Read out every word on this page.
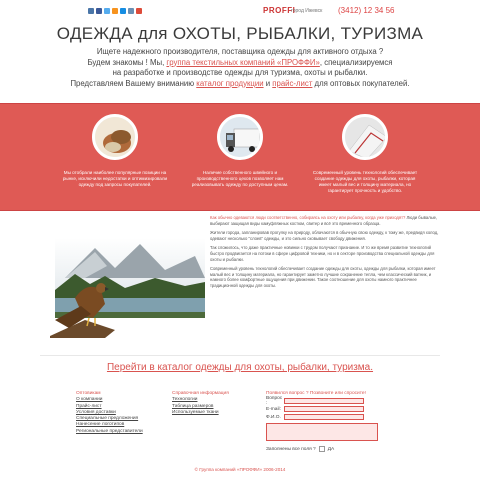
PROFFI
город Ижевск (3412) 12 34 56
ОДЕЖДА для ОХОТЫ, РЫБАЛКИ, ТУРИЗМА
Ищете надежного производителя, поставщика одежды для активного отдыха ?
Будем знакомы ! Мы, группа текстильных компаний «ПРОФФИ», специализируемся
на разработке и производстве одежды для туризма, охоты и рыбалки.
Представляем Вашему вниманию каталог продукции и прайс-лист для оптовых покупателей.
Мы отобрали наиболее популярные позиции на рынке, исключили недостатки и оптимизировали одежду под запросы покупателей.
Наличие собственного швейного и производственного цехов позволяет нам реализовывать одежду по доступным ценам.
Современный уровень технологий обеспечивает создание одежды для охоты, рыбалки, которая имеет малый вес и толщину материала, но гарантирует прочность и удобство.

Как обычно одеваются люди соответственно, собираясь на охоту или рыбалку, когда уже приходят? Люди бывалые, выбирают защищая виды камуфляжных костюм, свитер и всё это временного образца.

Жители города, запланировав прогулку на природу, облачаются в обычную свою одежду, к тому же, предвидя холод, одевают несколько "слоев" одежды, и это сильно сковывает свободу движения.

Так сложилось, что даже практичные новинки с трудом получают признание. И то же время развитие технологий быстро продвигается на потоки в сфере цифровой техники, но и в секторе производства специальной одежды для охоты и рыбалки.

Современный уровень технологий обеспечивает создание одежды для охоты, одежды для рыбалки, которая имеет малый вес и толщину материала, но гарантирует заметно лучшие сохранение тепла, чем классический ватник, и намного более комфортные ощущения при движении. Такое соотношение для охоты намного практичнее традиционной одежды для охоты.

Перейти в каталог одежды для охоты, рыбалки, туризма.
Оптовикам
О компании
Прайс-лист
Условия доставки
Специальные предложения
Нанесение логотипов
Региональные представители
Справочная информация
Технологии
Таблица размеров
Используемые ткани
Появился вопрос ? Позвоните или спросите!
Вопрос :
E-mail:
Ф.И.О.
Заполнены все поля ?	ДА
© Группа компаний «ПРОФФИ» 2006-2014
